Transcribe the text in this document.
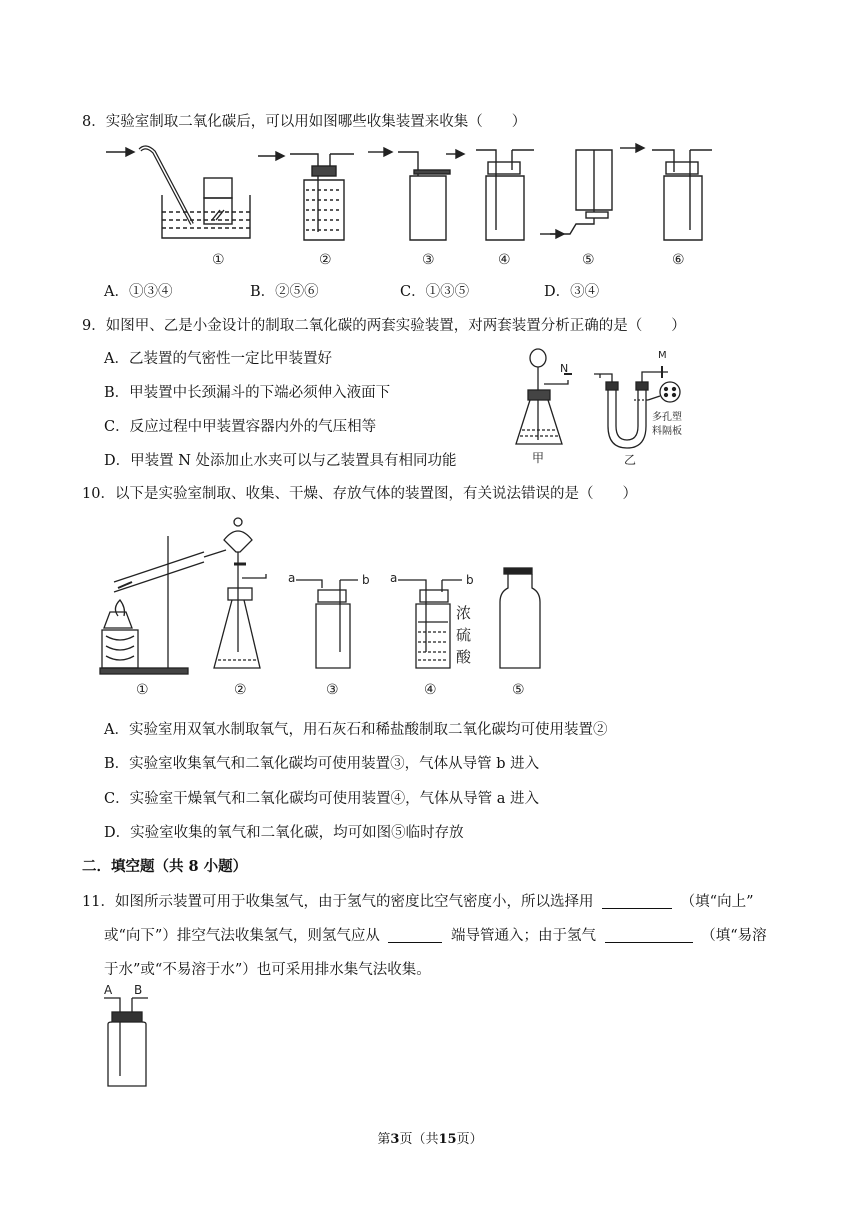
8．实验室制取二氧化碳后，可以用如图哪些收集装置来收集（　　）
①	②	③	④	⑤	⑥
A．①③④	B．②⑤⑥	C．①③⑤	D．③④
9．如图甲、乙是小金设计的制取二氧化碳的两套实验装置，对两套装置分析正确的是（　　）
A．乙装置的气密性一定比甲装置好
B．甲装置中长颈漏斗的下端必须伸入液面下
C．反应过程中甲装置容器内外的气压相等
D．甲装置 N 处添加止水夹可以与乙装置具有相同功能
N
甲
M
多孔塑
料隔板
乙
10．以下是实验室制取、收集、干燥、存放气体的装置图，有关说法错误的是（　　）
a	b a	b
浓
硫
酸
①	②	③	④	⑤
A．实验室用双氧水制取氧气，用石灰石和稀盐酸制取二氧化碳均可使用装置②
B．实验室收集氧气和二氧化碳均可使用装置③，气体从导管 b 进入
C．实验室干燥氧气和二氧化碳均可使用装置④，气体从导管 a 进入
D．实验室收集的氧气和二氧化碳，均可如图⑤临时存放
二．填空题（共 8 小题）
11．如图所示装置可用于收集氢气，由于氢气的密度比空气密度小，所以选择用	（填“向上”
或“向下”）排空气法收集氢气，则氢气应从	端导管通入；由于氢气	（填“易溶
于水”或“不易溶于水”）也可采用排水集气法收集。
A B
第3页（共15页）
